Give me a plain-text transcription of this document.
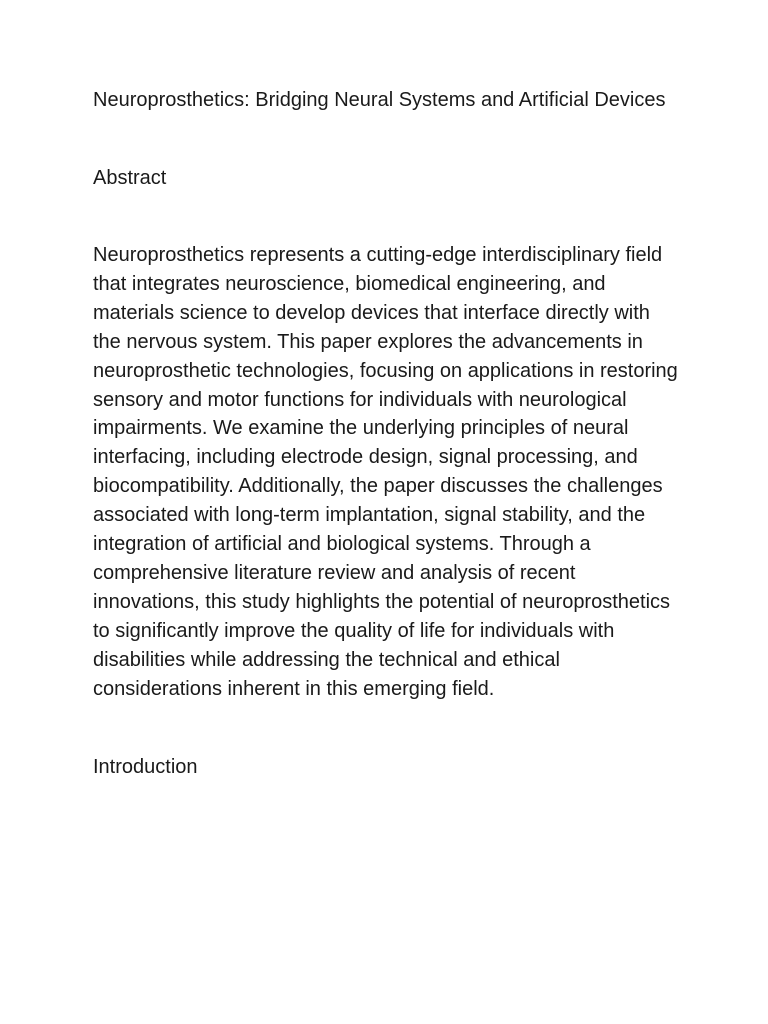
Neuroprosthetics: Bridging Neural Systems and Artificial Devices
Abstract

Neuroprosthetics represents a cutting-edge interdisciplinary field that integrates neuroscience, biomedical engineering, and materials science to develop devices that interface directly with the nervous system. This paper explores the advancements in neuroprosthetic technologies, focusing on applications in restoring sensory and motor functions for individuals with neurological impairments. We examine the underlying principles of neural interfacing, including electrode design, signal processing, and biocompatibility. Additionally, the paper discusses the challenges associated with long-term implantation, signal stability, and the integration of artificial and biological systems. Through a comprehensive literature review and analysis of recent innovations, this study highlights the potential of neuroprosthetics to significantly improve the quality of life for individuals with disabilities while addressing the technical and ethical considerations inherent in this emerging field.

Introduction
